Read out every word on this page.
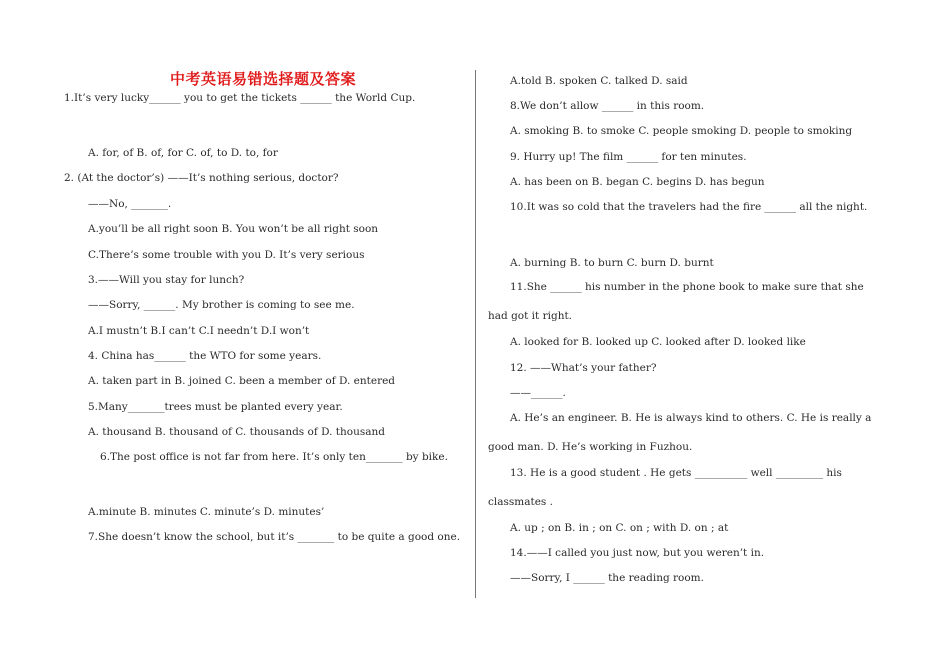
中考英语易错选择题及答案
1.It’s very lucky______ you to get the tickets ______ the World Cup.
A. for, of B. of, for C. of, to D. to, for
2. (At the doctor’s) ——It’s nothing serious, doctor?
——No, _______.
A.you’ll be all right soon B. You won’t be all right soon
C.There’s some trouble with you D. It’s very serious
3.——Will you stay for lunch?
——Sorry, ______. My brother is coming to see me.
A.I mustn’t B.I can’t C.I needn’t D.I won’t
4. China has______ the WTO for some years.
A. taken part in B. joined C. been a member of D. entered
5.Many_______trees must be planted every year.
A. thousand B. thousand of C. thousands of D. thousand
6.The post office is not far from here. It’s only ten_______ by bike.
A.minute B. minutes C. minute’s D. minutes’
7.She doesn’t know the school, but it’s _______ to be quite a good one.
A.told B. spoken C. talked D. said
8.We don’t allow ______ in this room.
A. smoking B. to smoke C. people smoking D. people to smoking
9. Hurry up! The film ______ for ten minutes.
A. has been on B. began C. begins D. has begun
10.It was so cold that the travelers had the fire ______ all the night.
A. burning B. to burn C. burn D. burnt
11.She ______ his number in the phone book to make sure that she had got it right.
A. looked for B. looked up C. looked after D. looked like
12. ——What’s your father?
——______.
A. He’s an engineer. B. He is always kind to others. C. He is really a good man. D. He’s working in Fuzhou.
13. He is a good student . He gets __________ well _________ his classmates .
A. up ; on B. in ; on C. on ; with D. on ; at
14.——I called you just now, but you weren’t in.
——Sorry, I ______ the reading room.
